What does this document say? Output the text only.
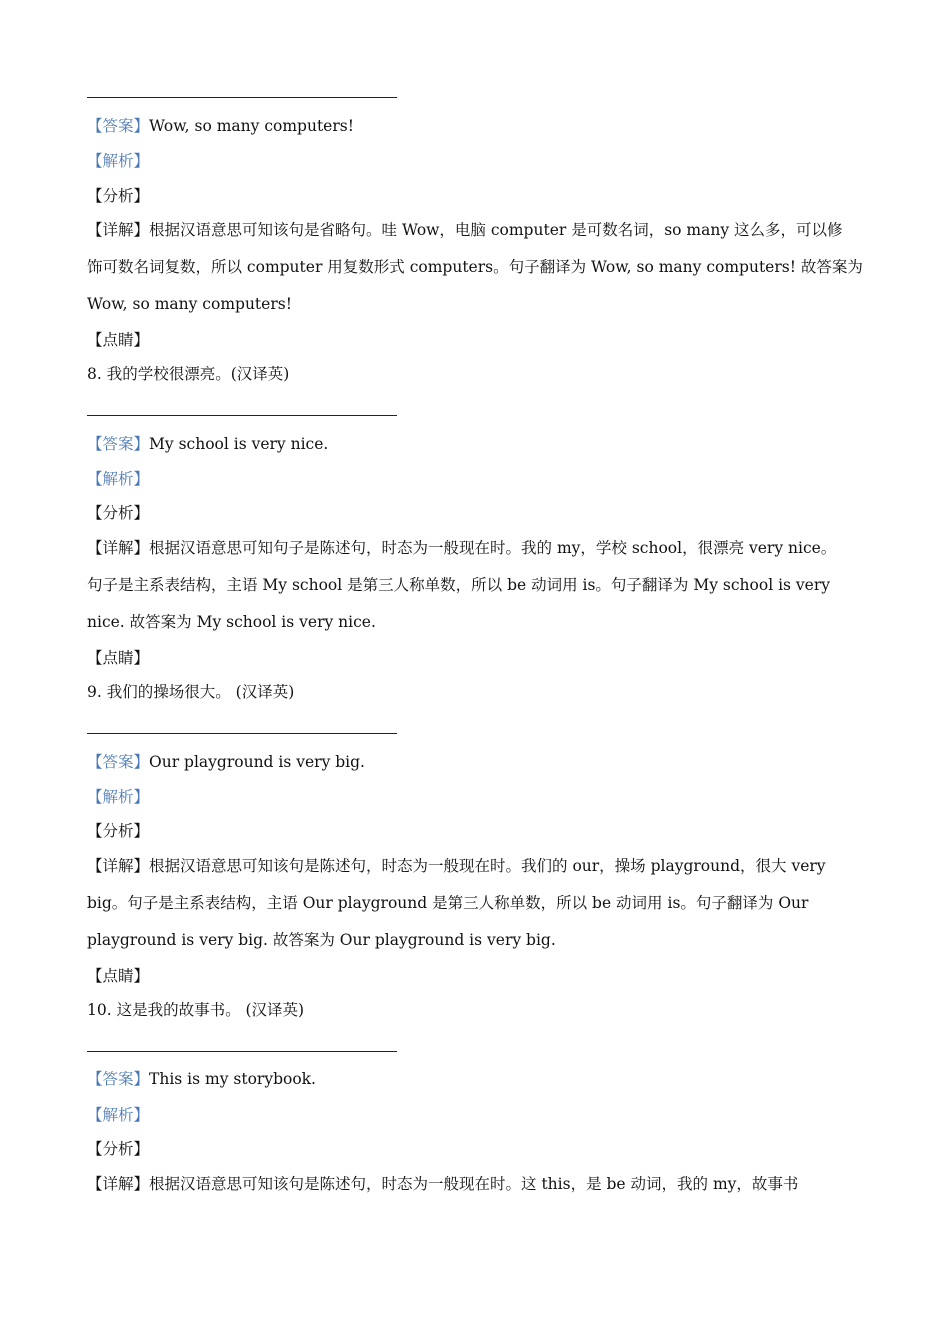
【答案】Wow, so many computers!
【解析】
【分析】
【详解】根据汉语意思可知该句是省略句。哇 Wow，电脑 computer 是可数名词，so many 这么多，可以修
饰可数名词复数，所以 computer 用复数形式 computers。句子翻译为 Wow, so many computers! 故答案为
Wow, so many computers!
【点睛】
8. 我的学校很漂亮。(汉译英)
【答案】My school is very nice.
【解析】
【分析】
【详解】根据汉语意思可知句子是陈述句，时态为一般现在时。我的 my，学校 school，很漂亮 very nice。
句子是主系表结构，主语 My school 是第三人称单数，所以 be 动词用 is。句子翻译为 My school is very
nice. 故答案为 My school is very nice.
【点睛】
9. 我们的操场很大。 (汉译英)
【答案】Our playground is very big.
【解析】
【分析】
【详解】根据汉语意思可知该句是陈述句，时态为一般现在时。我们的 our，操场 playground，很大 very
big。句子是主系表结构，主语 Our playground 是第三人称单数，所以 be 动词用 is。句子翻译为 Our
playground is very big. 故答案为 Our playground is very big.
【点睛】
10. 这是我的故事书。 (汉译英)
【答案】This is my storybook.
【解析】
【分析】
【详解】根据汉语意思可知该句是陈述句，时态为一般现在时。这 this，是 be 动词，我的 my，故事书
